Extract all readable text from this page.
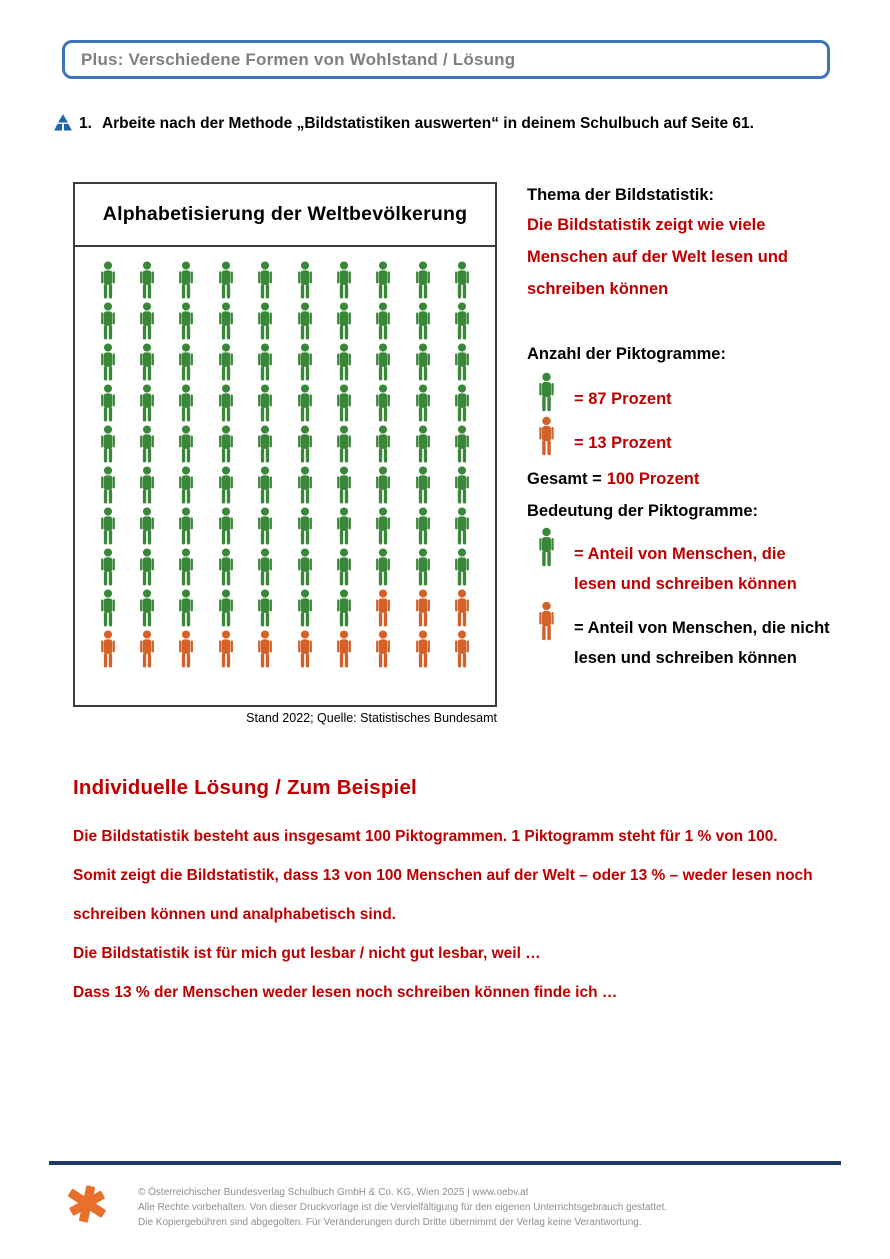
Plus: Verschiedene Formen von Wohlstand / Lösung
1. Arbeite nach der Methode „Bildstatistiken auswerten“ in deinem Schulbuch auf Seite 61.
Alphabetisierung der Weltbevölkerung
Stand 2022; Quelle: Statistisches Bundesamt
Thema der Bildstatistik:
Die Bildstatistik zeigt wie viele Menschen auf der Welt lesen und schreiben können
Anzahl der Piktogramme:
= 87 Prozent
= 13 Prozent
Gesamt = 100 Prozent
Bedeutung der Piktogramme:
= Anteil von Menschen, die
lesen und schreiben können
= Anteil von Menschen, die nicht
lesen und schreiben können
Individuelle Lösung / Zum Beispiel

Die Bildstatistik besteht aus insgesamt 100 Piktogrammen. 1 Piktogramm steht für 1 % von 100.

Somit zeigt die Bildstatistik, dass 13 von 100 Menschen auf der Welt – oder 13 % – weder lesen noch schreiben können und analphabetisch sind.

Die Bildstatistik ist für mich gut lesbar / nicht gut lesbar, weil …

Dass 13 % der Menschen weder lesen noch schreiben können finde ich …

© Österreichischer Bundesverlag Schulbuch GmbH & Co. KG, Wien 2025 | www.oebv.at
Alle Rechte vorbehalten. Von dieser Druckvorlage ist die Vervielfältigung für den eigenen Unterrichtsgebrauch gestattet.
Die Kopiergebühren sind abgegolten. Für Veränderungen durch Dritte übernimmt der Verlag keine Verantwortung.
